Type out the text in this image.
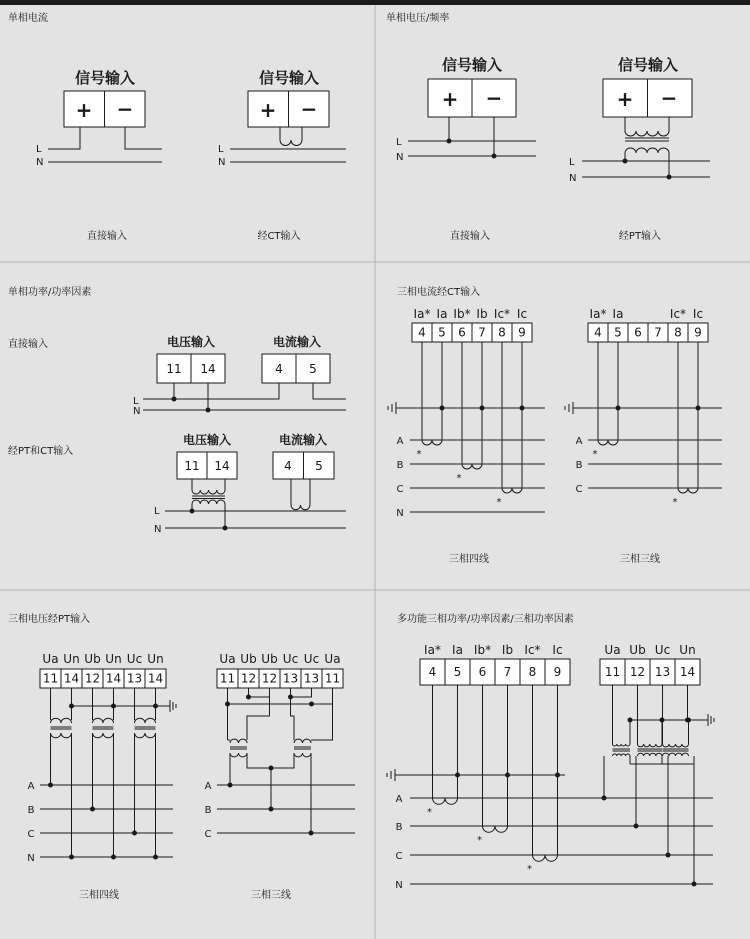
单相电流
信号输入
+ −
L
N
直接输入
信号输入
+ −
L
N
经CT输入
单相电压/频率
信号输入
+ −
L
N
直接输入
信号输入
+ −
L
N
经PT输入
单相功率/功率因素
直接输入
经PT和CT输入
电压输入
11 14
电流输入
4 5
L
N
电压输入
11 14
电流输入
4 5
L
N
三相电流经CT输入
Ia* Ia Ib* Ib Ic* Ic
4 5 6 7 8 9
A
B
C
N
*
*
*
Ia* Ia	Ic* Ic
4 5 6 7 8 9
A
B
C
*
*
三相四线	三相三线
三相电压经PT输入
Ua Un Ub Un Uc Un
11 14 12 14 13 14
A
B
C
N
Ua Ub Ub Uc Uc Ua
11 12 12 13 13 11
A
B
C
三相四线	三相三线
多功能三相功率/功率因素/三相功率因素
Ia* Ia Ib* Ib Ic* Ic
4 5 6 7 8 9
Ua Ub Uc Un
11 12 13 14
A
B
C
N
*
*
*
